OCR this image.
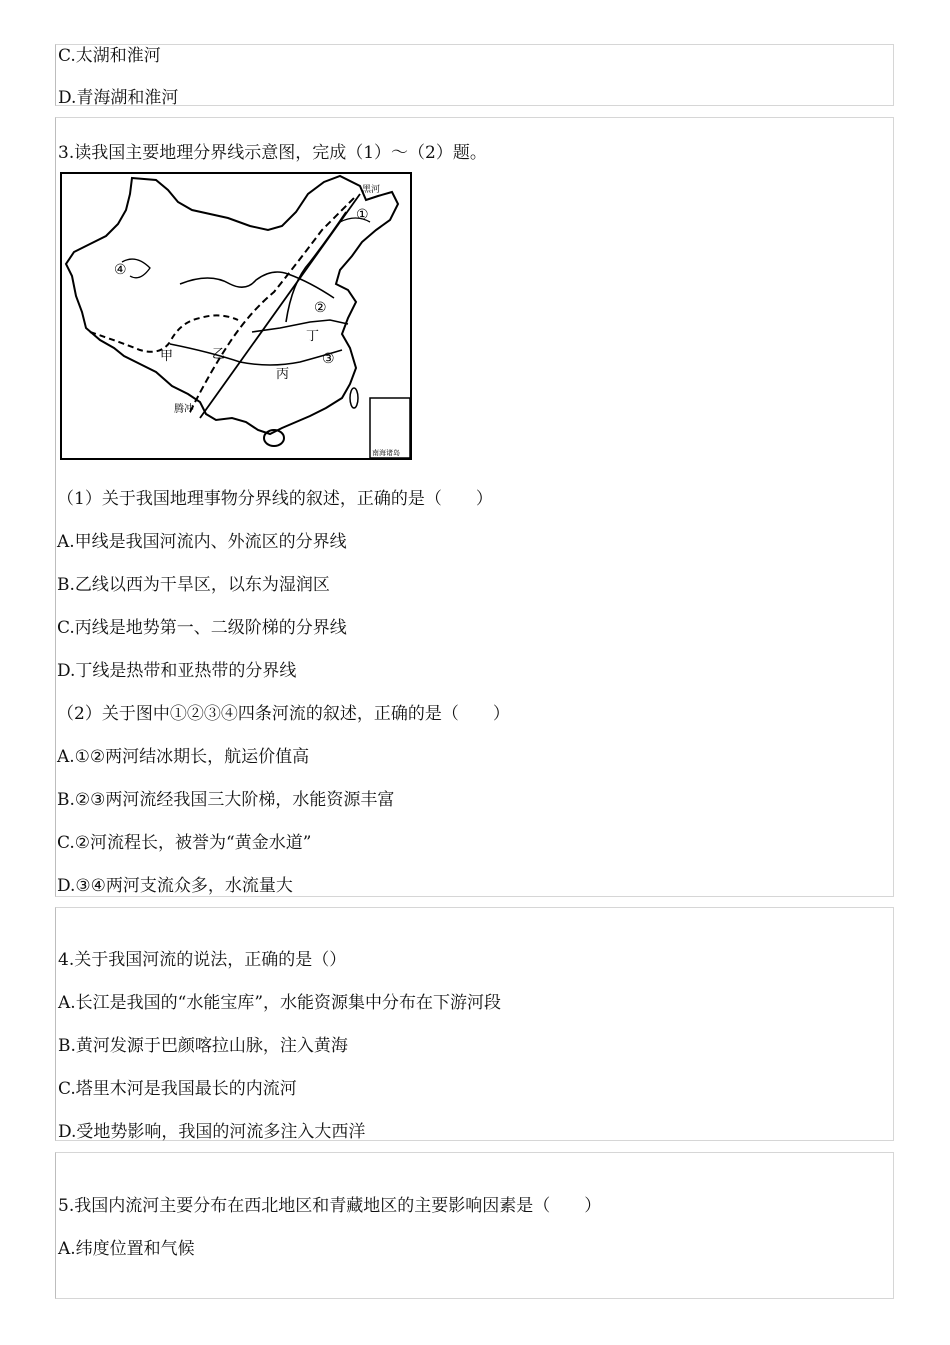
C.太湖和淮河

D.青海湖和淮河

3.读我国主要地理分界线示意图，完成（1）～（2）题。

南海诸岛
黑河
腾冲
甲	乙
丙
丁
①
②
③
④

（1）关于我国地理事物分界线的叙述，正确的是（　　）

A.甲线是我国河流内、外流区的分界线

B.乙线以西为干旱区，以东为湿润区

C.丙线是地势第一、二级阶梯的分界线

D.丁线是热带和亚热带的分界线

（2）关于图中①②③④四条河流的叙述，正确的是（　　）

A.①②两河结冰期长，航运价值高

B.②③两河流经我国三大阶梯，水能资源丰富

C.②河流程长，被誉为“黄金水道”

D.③④两河支流众多，水流量大

4.关于我国河流的说法，正确的是（）

A.长江是我国的“水能宝库”，水能资源集中分布在下游河段

B.黄河发源于巴颜喀拉山脉，注入黄海

C.塔里木河是我国最长的内流河

D.受地势影响，我国的河流多注入大西洋

5.我国内流河主要分布在西北地区和青藏地区的主要影响因素是（　　）

A.纬度位置和气候
